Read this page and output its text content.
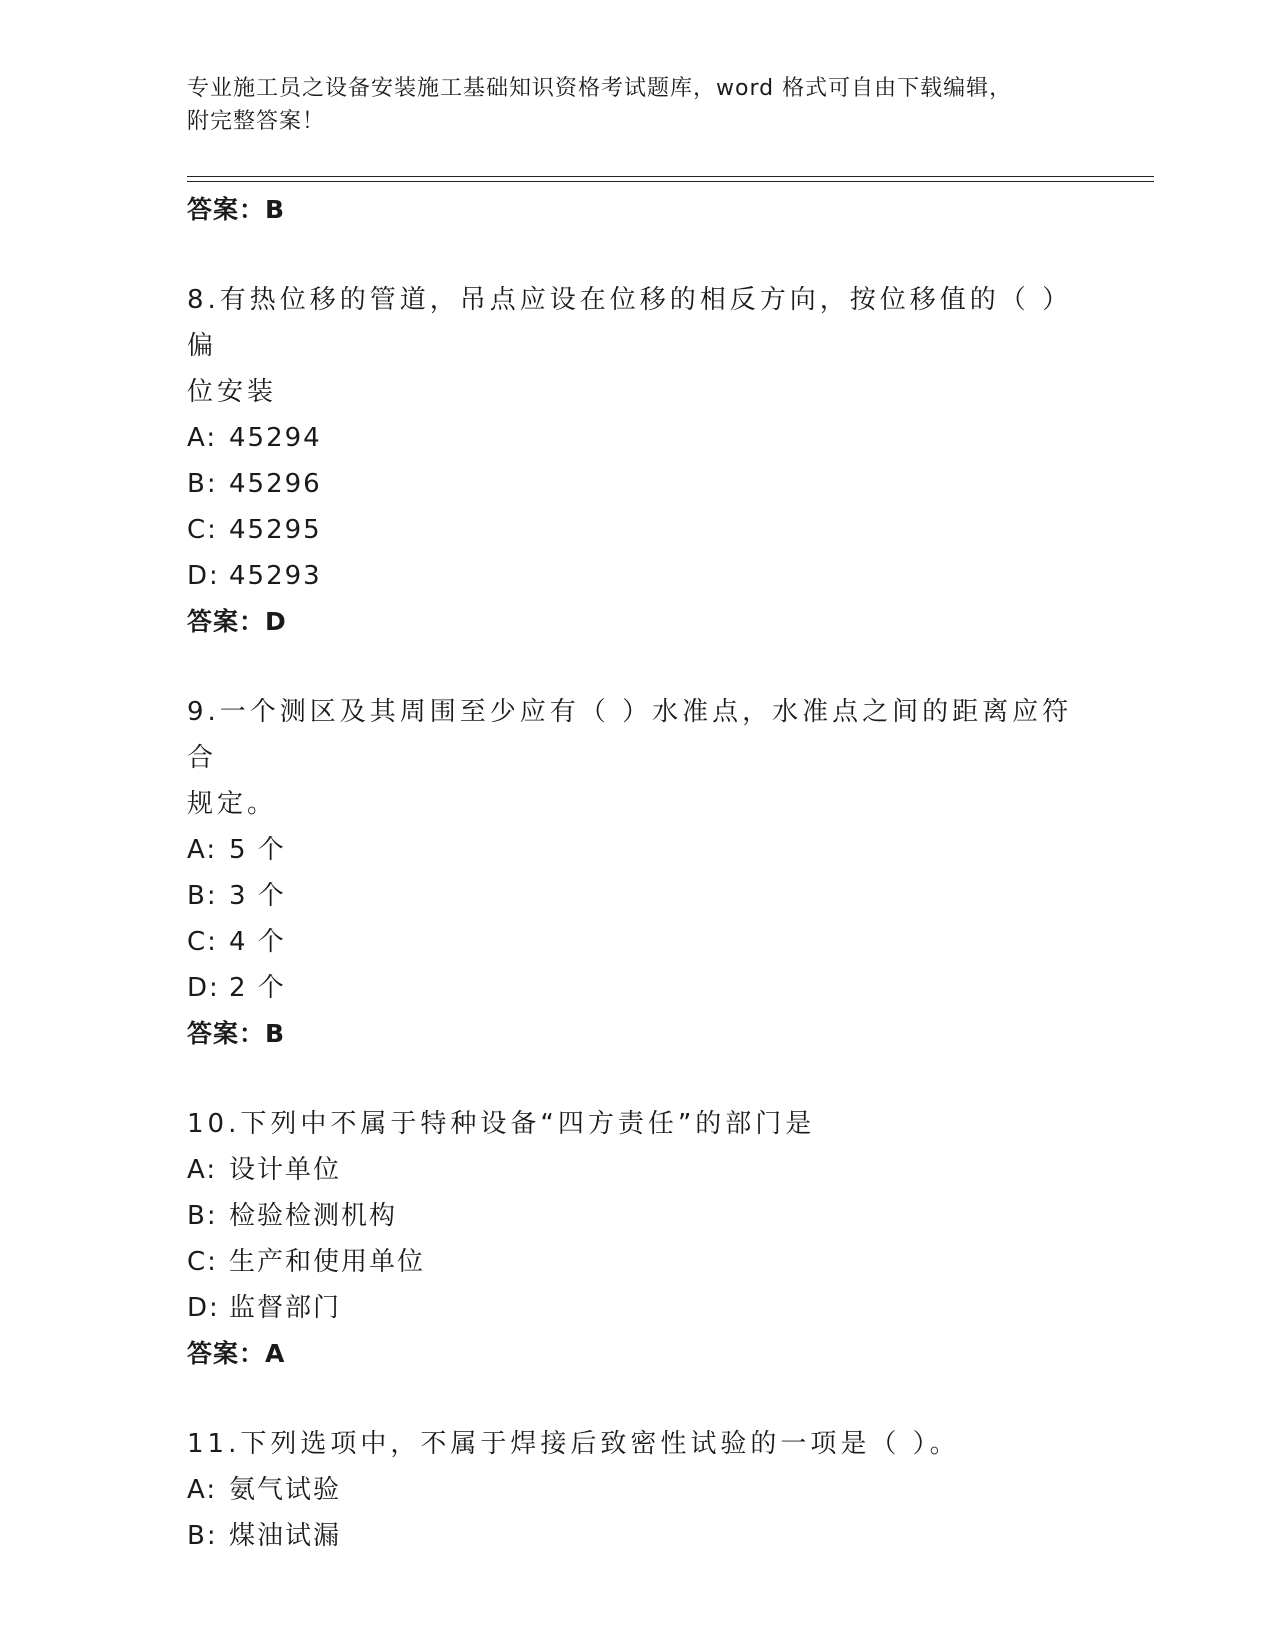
专业施工员之设备安装施工基础知识资格考试题库，word 格式可自由下载编辑，
附完整答案！
答案：B
8.有热位移的管道，吊点应设在位移的相反方向，按位移值的（ ）偏
位安装
A: 45294
B: 45296
C: 45295
D: 45293
答案：D
9.一个测区及其周围至少应有（ ）水准点，水准点之间的距离应符合
规定。
A: 5 个
B: 3 个
C: 4 个
D: 2 个
答案：B
10.下列中不属于特种设备“四方责任”的部门是
A: 设计单位
B: 检验检测机构
C: 生产和使用单位
D: 监督部门
答案：A
11.下列选项中，不属于焊接后致密性试验的一项是（ ）。
A: 氨气试验
B: 煤油试漏
